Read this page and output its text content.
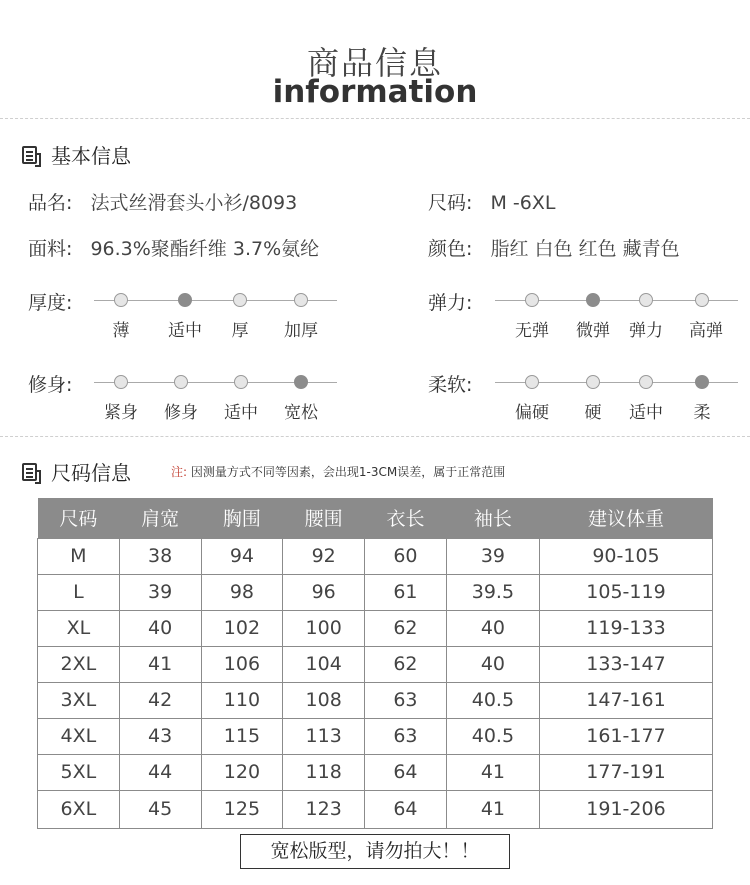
商品信息
information
基本信息
品名: 法式丝滑套头小衫/8093	尺码: M -6XL
面料: 96.3%聚酯纤维 3.7%氨纶	颜色: 脂红 白色 红色 藏青色
厚度:
薄	适中	厚	加厚
弹力:
无弹	微弹	弹力	高弹
修身:
紧身	修身	适中	宽松
柔软:
偏硬	硬	适中	柔
尺码信息	注: 因测量方式不同等因素，会出现1-3CM误差，属于正常范围
尺码	肩宽	胸围	腰围	衣长	袖长	建议体重
M	38	94	92	60	39	90-105
L	39	98	96	61	39.5	105-119
XL	40	102	100	62	40	119-133
2XL	41	106	104	62	40	133-147
3XL	42	110	108	63	40.5	147-161
4XL	43	115	113	63	40.5	161-177
5XL	44	120	118	64	41	177-191
6XL	45	125	123	64	41	191-206
宽松版型，请勿拍大！！
